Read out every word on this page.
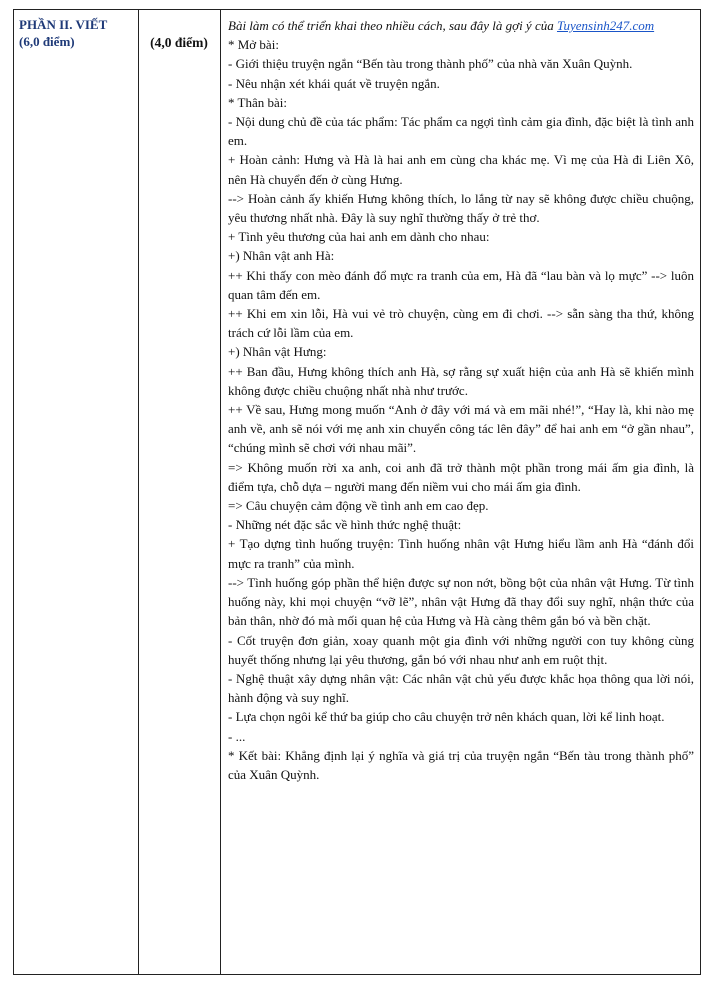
PHẦN II. VIẾT
(6,0 điểm)	(4,0 điểm)

Bài làm có thể triển khai theo nhiều cách, sau đây là gợi ý của Tuyensinh247.com

* Mở bài:

- Giới thiệu truyện ngắn “Bến tàu trong thành phố” của nhà văn Xuân Quỳnh.

- Nêu nhận xét khái quát về truyện ngắn.

* Thân bài:

- Nội dung chủ đề của tác phẩm: Tác phẩm ca ngợi tình cảm gia đình, đặc biệt là tình anh em.

+ Hoàn cảnh: Hưng và Hà là hai anh em cùng cha khác mẹ. Vì mẹ của Hà đi Liên Xô, nên Hà chuyển đến ở cùng Hưng.

--> Hoàn cảnh ấy khiến Hưng không thích, lo lắng từ nay sẽ không được chiều chuộng, yêu thương nhất nhà. Đây là suy nghĩ thường thấy ở trẻ thơ.

+ Tình yêu thương của hai anh em dành cho nhau:

+) Nhân vật anh Hà:

++ Khi thấy con mèo đánh đổ mực ra tranh của em, Hà đã “lau bàn và lọ mực” --> luôn quan tâm đến em.

++ Khi em xin lỗi, Hà vui vẻ trò chuyện, cùng em đi chơi. --> sẵn sàng tha thứ, không trách cứ lỗi lầm của em.

+) Nhân vật Hưng:

++ Ban đầu, Hưng không thích anh Hà, sợ rằng sự xuất hiện của anh Hà sẽ khiến mình không được chiều chuộng nhất nhà như trước.

++ Về sau, Hưng mong muốn “Anh ở đây với má và em mãi nhé!”, “Hay là, khi nào mẹ anh về, anh sẽ nói với mẹ anh xin chuyển công tác lên đây” để hai anh em “ở gần nhau”, “chúng mình sẽ chơi với nhau mãi”.

=> Không muốn rời xa anh, coi anh đã trở thành một phần trong mái ấm gia đình, là điểm tựa, chỗ dựa – người mang đến niềm vui cho mái ấm gia đình.

=> Câu chuyện cảm động về tình anh em cao đẹp.

- Những nét đặc sắc về hình thức nghệ thuật:

+ Tạo dựng tình huống truyện: Tình huống nhân vật Hưng hiểu lầm anh Hà “đánh đổi mực ra tranh” của mình.

--> Tình huống góp phần thể hiện được sự non nớt, bồng bột của nhân vật Hưng. Từ tình huống này, khi mọi chuyện “vỡ lẽ”, nhân vật Hưng đã thay đổi suy nghĩ, nhận thức của bản thân, nhờ đó mà mối quan hệ của Hưng và Hà càng thêm gắn bó và bền chặt.

- Cốt truyện đơn giản, xoay quanh một gia đình với những người con tuy không cùng huyết thống nhưng lại yêu thương, gắn bó với nhau như anh em ruột thịt.

- Nghệ thuật xây dựng nhân vật: Các nhân vật chủ yếu được khắc họa thông qua lời nói, hành động và suy nghĩ.

- Lựa chọn ngôi kể thứ ba giúp cho câu chuyện trở nên khách quan, lời kể linh hoạt.

- ...

* Kết bài: Khẳng định lại ý nghĩa và giá trị của truyện ngắn “Bến tàu trong thành phố” của Xuân Quỳnh.
